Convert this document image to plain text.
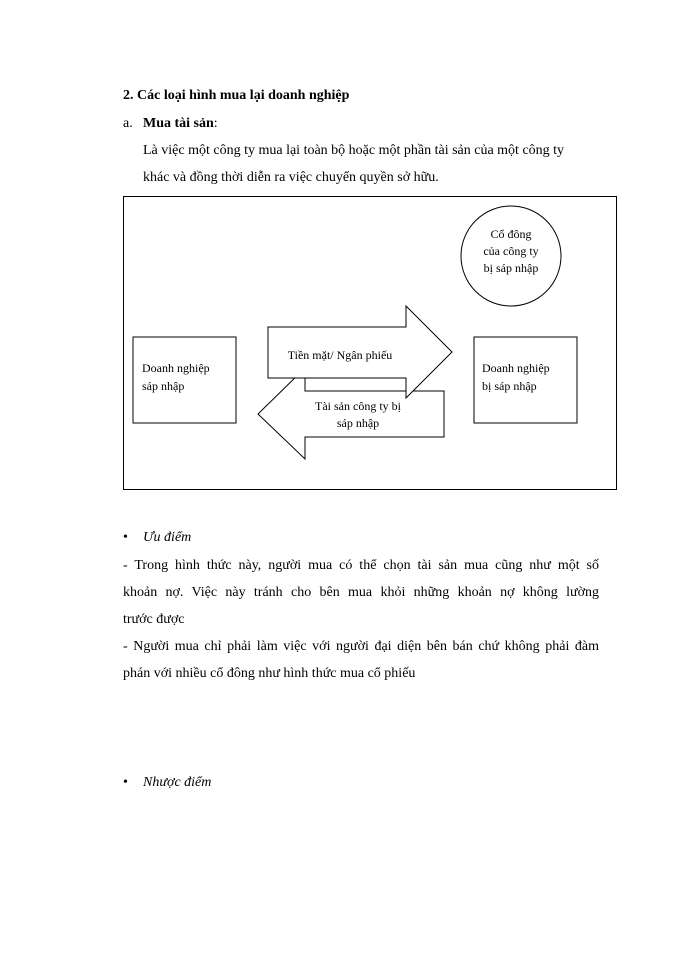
2. Các loại hình mua lại doanh nghiệp
a. Mua tài sản:
Là việc một công ty mua lại toàn bộ hoặc một phần tài sản của một công ty
khác và đồng thời diễn ra việc chuyển quyền sở hữu.
Doanh nghiệp
sáp nhập
Doanh nghiệp
bị sáp nhập
Cổ đông
của công ty
bị sáp nhập
Tài sản công ty bị
sáp nhập
Tiền mặt/ Ngân phiếu
• Ưu điểm
- Trong hình thức này, người mua có thể chọn tài sản mua cũng như một số
khoản nợ. Việc này tránh cho bên mua khỏi những khoản nợ không lường
trước được
- Người mua chỉ phải làm việc với người đại diện bên bán chứ không phải đàm
phán với nhiều cổ đông như hình thức mua cổ phiếu
• Nhược điểm
